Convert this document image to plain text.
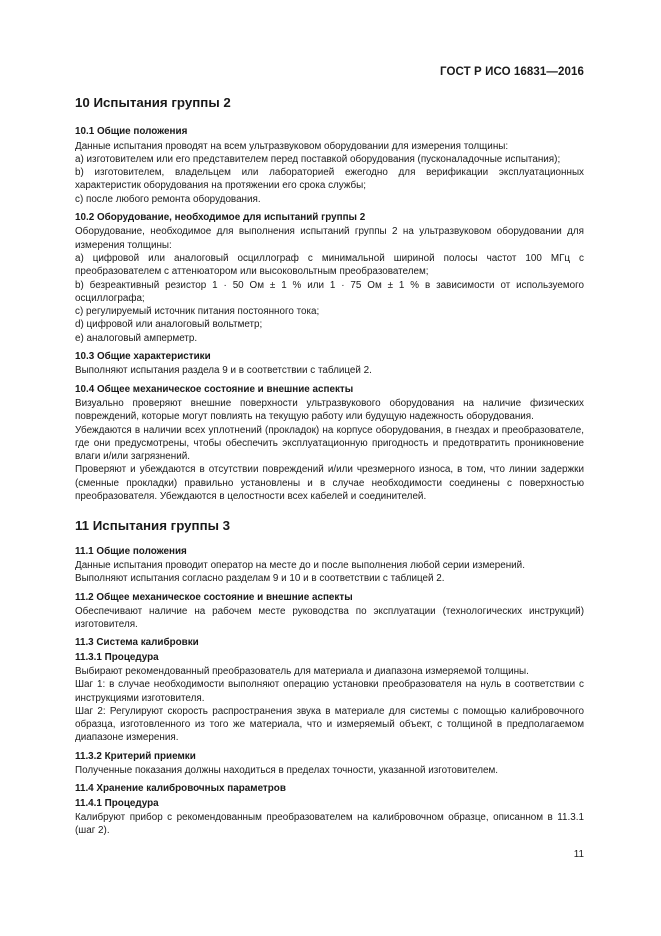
ГОСТ Р ИСО 16831—2016
10 Испытания группы 2
10.1 Общие положения

Данные испытания проводят на всем ультразвуковом оборудовании для измерения толщины:

a) изготовителем или его представителем перед поставкой оборудования (пусконаладочные испытания);

b) изготовителем, владельцем или лабораторией ежегодно для верификации эксплуатационных характеристик оборудования на протяжении его срока службы;

c) после любого ремонта оборудования.

10.2 Оборудование, необходимое для испытаний группы 2

Оборудование, необходимое для выполнения испытаний группы 2 на ультразвуковом оборудовании для измерения толщины:

a) цифровой или аналоговый осциллограф с минимальной шириной полосы частот 100 МГц с преобразователем с аттенюатором или высоковольтным преобразователем;

b) безреактивный резистор 1 · 50 Ом ± 1 % или 1 · 75 Ом ± 1 % в зависимости от используемого осциллографа;

c) регулируемый источник питания постоянного тока;

d) цифровой или аналоговый вольтметр;

e) аналоговый амперметр.

10.3 Общие характеристики

Выполняют испытания раздела 9 и в соответствии с таблицей 2.

10.4 Общее механическое состояние и внешние аспекты

Визуально проверяют внешние поверхности ультразвукового оборудования на наличие физических повреждений, которые могут повлиять на текущую работу или будущую надежность оборудования.

Убеждаются в наличии всех уплотнений (прокладок) на корпусе оборудования, в гнездах и преобразователе, где они предусмотрены, чтобы обеспечить эксплуатационную пригодность и предотвратить проникновение влаги и/или загрязнений.

Проверяют и убеждаются в отсутствии повреждений и/или чрезмерного износа, в том, что линии задержки (сменные прокладки) правильно установлены и в случае необходимости соединены с поверхностью преобразователя. Убеждаются в целостности всех кабелей и соединителей.

11 Испытания группы 3
11.1 Общие положения

Данные испытания проводит оператор на месте до и после выполнения любой серии измерений.

Выполняют испытания согласно разделам 9 и 10 и в соответствии с таблицей 2.

11.2 Общее механическое состояние и внешние аспекты

Обеспечивают наличие на рабочем месте руководства по эксплуатации (технологических инструкций) изготовителя.

11.3 Система калибровки
11.3.1 Процедура

Выбирают рекомендованный преобразователь для материала и диапазона измеряемой толщины.

Шаг 1: в случае необходимости выполняют операцию установки преобразователя на нуль в соответствии с инструкциями изготовителя.

Шаг 2: Регулируют скорость распространения звука в материале для системы с помощью калибровочного образца, изготовленного из того же материала, что и измеряемый объект, с толщиной в предполагаемом диапазоне измерения.

11.3.2 Критерий приемки

Полученные показания должны находиться в пределах точности, указанной изготовителем.

11.4 Хранение калибровочных параметров
11.4.1 Процедура

Калибруют прибор с рекомендованным преобразователем на калибровочном образце, описанном в 11.3.1 (шаг 2).

11
